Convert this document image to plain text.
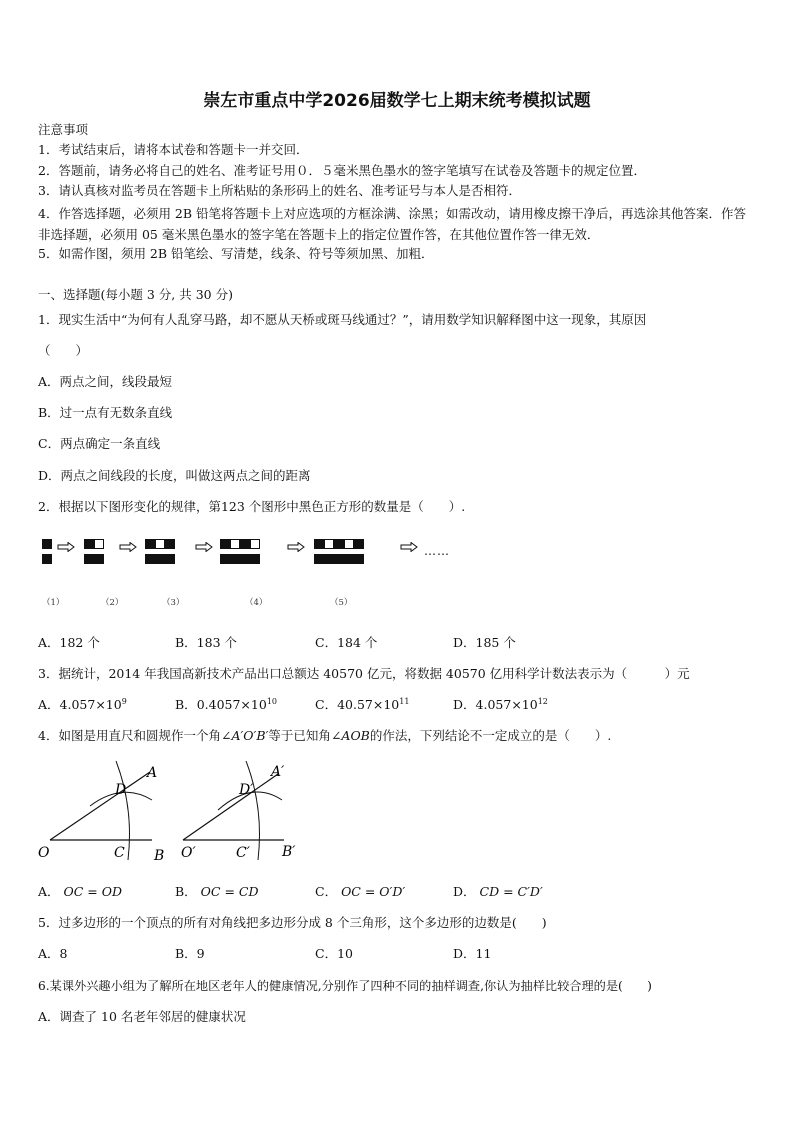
崇左市重点中学2026届数学七上期末统考模拟试题
注意事项
1．考试结束后，请将本试卷和答题卡一并交回．
2．答题前，请务必将自己的姓名、准考证号用０．５毫米黑色墨水的签字笔填写在试卷及答题卡的规定位置．
3．请认真核对监考员在答题卡上所粘贴的条形码上的姓名、准考证号与本人是否相符．
4．作答选择题，必须用 2B 铅笔将答题卡上对应选项的方框涂满、涂黑；如需改动，请用橡皮擦干净后，再选涂其他答案．作答非选择题，必须用 05 毫米黑色墨水的签字笔在答题卡上的指定位置作答，在其他位置作答一律无效．
5．如需作图，须用 2B 铅笔绘、写清楚，线条、符号等须加黑、加粗．
一、选择题(每小题 3 分, 共 30 分)
1．现实生活中“为何有人乱穿马路，却不愿从天桥或斑马线通过？”，请用数学知识解释图中这一现象，其原因
（　　）
A．两点之间，线段最短
B．过一点有无数条直线
C．两点确定一条直线
D．两点之间线段的长度，叫做这两点之间的距离
2．根据以下图形变化的规律，第123 个图形中黑色正方形的数量是（　　）.
……
（1）	（2）	（3）	（4）	（5）
A．182 个	B．183 个	C．184 个	D．185 个
3．据统计，2014 年我国高新技术产品出口总额达 40570 亿元，将数据 40570 亿用科学计数法表示为（　　　）元
A．$4.057\times 10^9$	B．$0.4057\times 10^{10}$	C．$40.57\times 10^{11}$	D．$4.057\times 10^{12}$
4．如图是用直尺和圆规作一个角∠A′O′B′等于已知角∠AOB的作法，下列结论不一定成立的是（　　）.
O	C B
D
A
O′	C′ B′
D′
A′
A． OC = OD	B． OC = CD	C． OC = O′D′	D． CD = C′D′
5．过多边形的一个顶点的所有对角线把多边形分成 8 个三角形，这个多边形的边数是(　　)
A．8	B．9	C．10	D．11
6.某课外兴趣小组为了解所在地区老年人的健康情况,分别作了四种不同的抽样调查,你认为抽样比较合理的是(　　)
A．调查了 10 名老年邻居的健康状况
